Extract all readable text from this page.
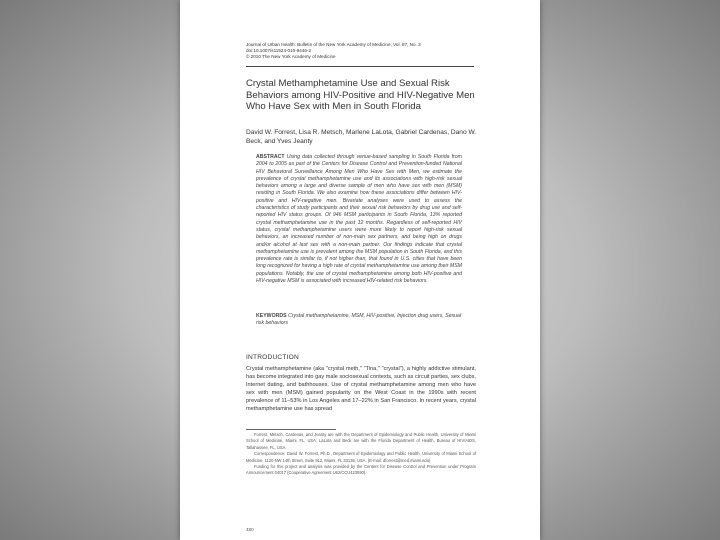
Journal of Urban Health: Bulletin of the New York Academy of Medicine, Vol. 87, No. 3
doi:10.1007/s11524-010-9446-2
© 2010 The New York Academy of Medicine
Crystal Methamphetamine Use and Sexual Risk Behaviors among HIV-Positive and HIV-Negative Men Who Have Sex with Men in South Florida
David W. Forrest, Lisa R. Metsch, Marlene LaLota, Gabriel Cardenas, Dano W. Beck, and Yves Jeanty
ABSTRACT Using data collected through venue-based sampling in South Florida from 2004 to 2005 as part of the Centers for Disease Control and Prevention-funded National HIV Behavioral Surveillance Among Men Who Have Sex with Men, we estimate the prevalence of crystal methamphetamine use and its associations with high-risk sexual behaviors among a large and diverse sample of men who have sex with men (MSM) residing in South Florida. We also examine how these associations differ between HIV-positive and HIV-negative men. Bivariate analyses were used to assess the characteristics of study participants and their sexual risk behaviors by drug use and self-reported HIV status groups. Of 946 MSM participants in South Florida, 13% reported crystal methamphetamine use in the past 12 months. Regardless of self-reported HIV status, crystal methamphetamine users were more likely to report high-risk sexual behaviors, an increased number of non-main sex partners, and being high on drugs and/or alcohol at last sex with a non-main partner. Our findings indicate that crystal methamphetamine use is prevalent among the MSM population in South Florida, and this prevalence rate is similar to, if not higher than, that found in U.S. cities that have been long recognized for having a high rate of crystal methamphetamine use among their MSM populations. Notably, the use of crystal methamphetamine among both HIV-positive and HIV-negative MSM is associated with increased HIV-related risk behaviors.
KEYWORDS Crystal methamphetamine, MSM, HIV-positive, Injection drug users, Sexual risk behaviors
INTRODUCTION
Crystal methamphetamine (aka "crystal meth," "Tina," "crystal"), a highly addictive stimulant, has become integrated into gay male sociosexual contexts, such as circuit parties, sex clubs, Internet dating, and bathhouses. Use of crystal methamphetamine among men who have sex with men (MSM) gained popularity on the West Coast in the 1990s with recent prevalence of 11–53% in Los Angeles and 17–22% in San Francisco. In recent years, crystal methamphetamine use has spread

Forrest, Metsch, Cardenas, and Jeanty are with the Department of Epidemiology and Public Health, University of Miami School of Medicine, Miami, FL, USA; LaLota and Beck are with the Florida Department of Health, Bureau of HIV/AIDS, Tallahassee, FL, USA.

Correspondence: David W. Forrest, Ph.D., Department of Epidemiology and Public Health, University of Miami School of Medicine, 1120 NW 14th Street, Suite 912, Miami, FL 33136, USA. (E-mail: dforrest@med.miami.edu)

Funding for this project and analysis was provided by the Centers for Disease Control and Prevention under Program Announcement 04017 (Cooperative Agreement U62/CCU423590).

480
